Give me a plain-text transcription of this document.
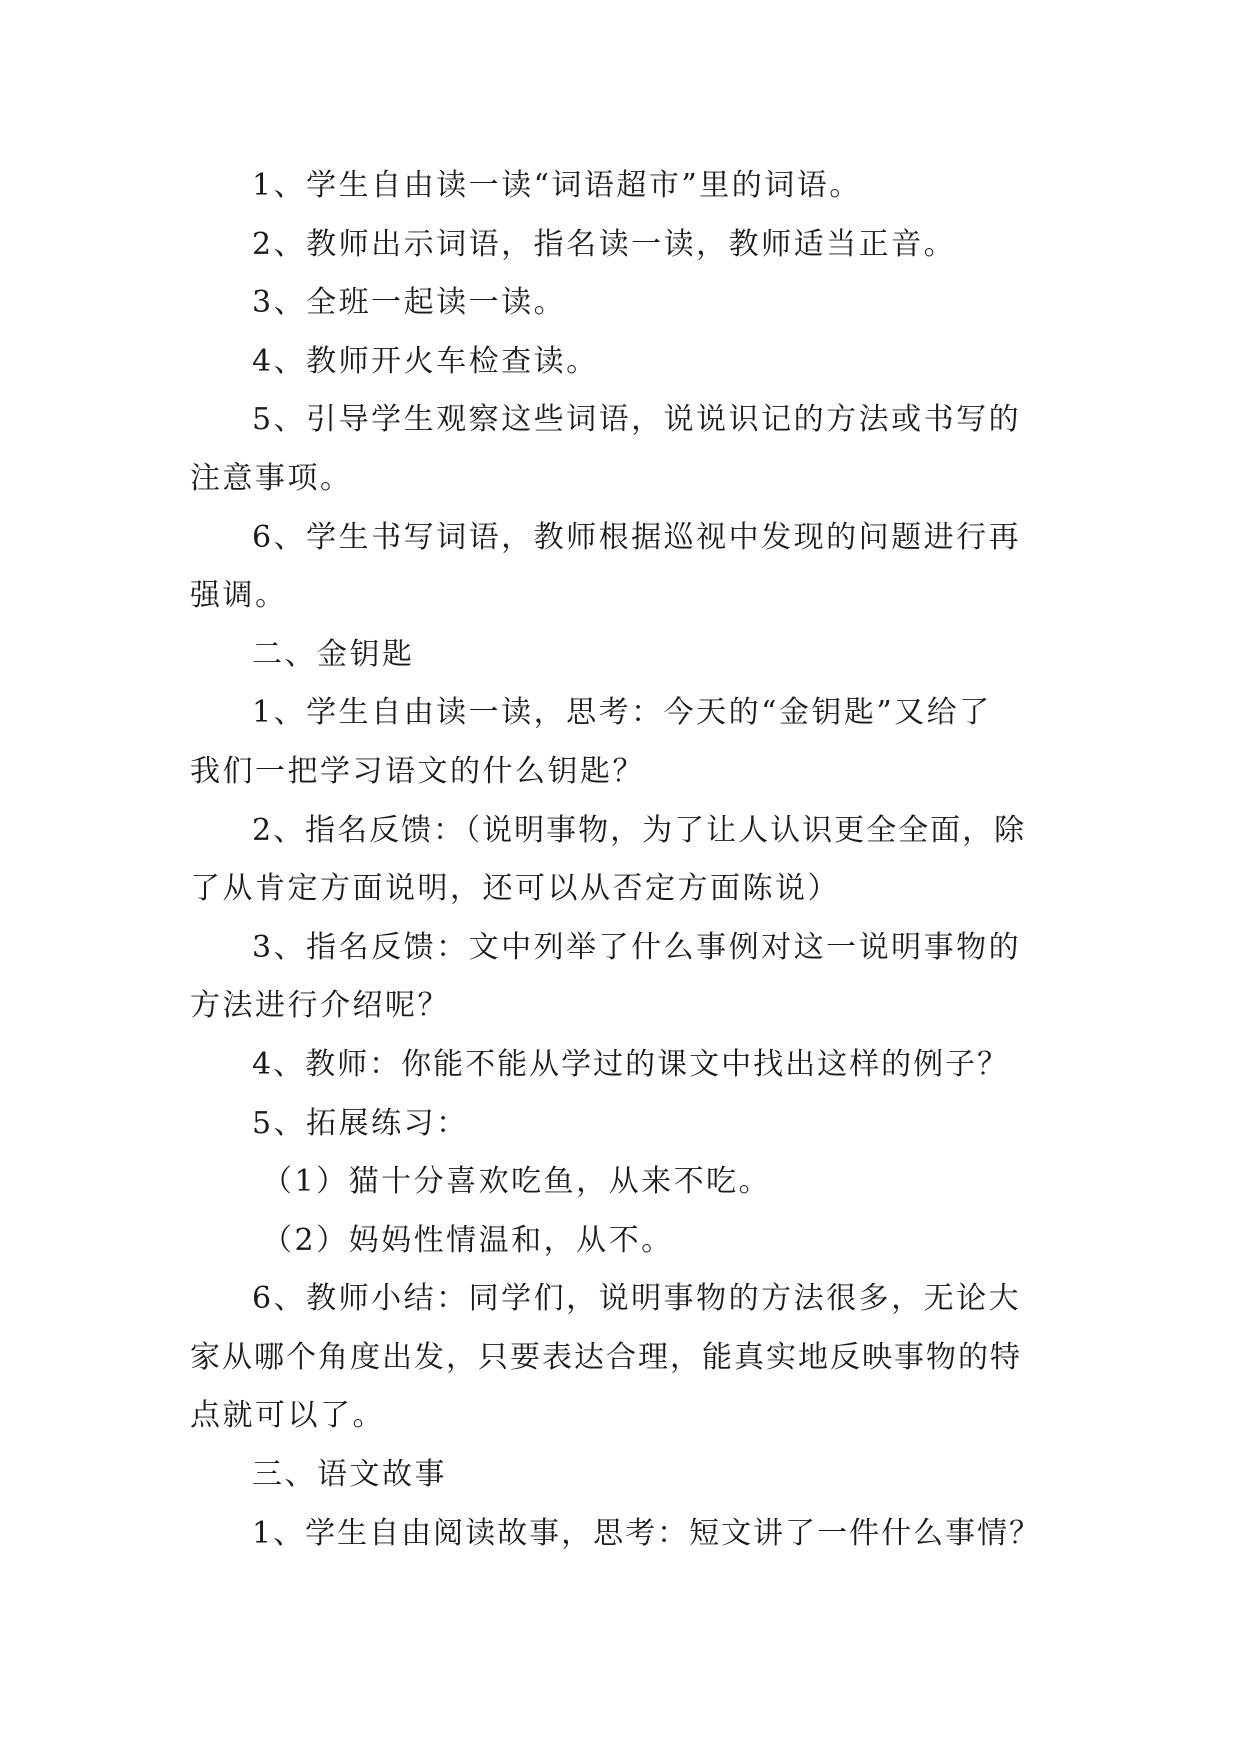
1、学生自由读一读“词语超市”里的词语。
2、教师出示词语，指名读一读，教师适当正音。
3、全班一起读一读。
4、教师开火车检查读。
5、引导学生观察这些词语，说说识记的方法或书写的
注意事项。
6、学生书写词语，教师根据巡视中发现的问题进行再
强调。
二、金钥匙
1、学生自由读一读，思考：今天的“金钥匙”又给了
我们一把学习语文的什么钥匙？
2、指名反馈：（说明事物，为了让人认识更全全面，除
了从肯定方面说明，还可以从否定方面陈说）
3、指名反馈：文中列举了什么事例对这一说明事物的
方法进行介绍呢？
4、教师：你能不能从学过的课文中找出这样的例子？
5、拓展练习：
（1）猫十分喜欢吃鱼，从来不吃。
（2）妈妈性情温和，从不。
6、教师小结：同学们，说明事物的方法很多，无论大
家从哪个角度出发，只要表达合理，能真实地反映事物的特
点就可以了。
三、语文故事
1、学生自由阅读故事，思考：短文讲了一件什么事情？
